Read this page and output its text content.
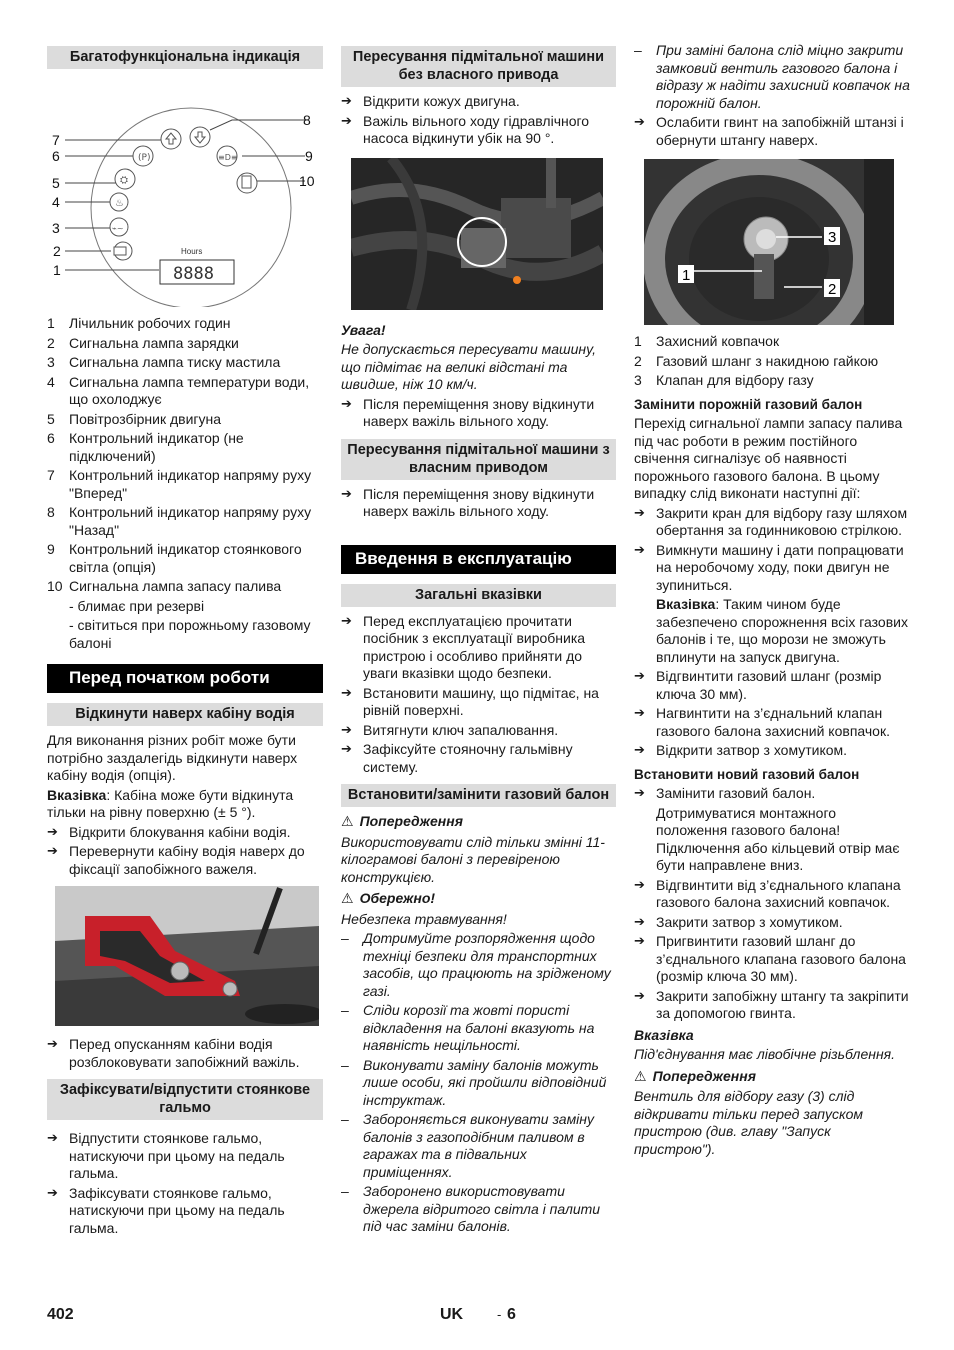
Багатофункціональна індикація
(P)	≡D≡
⛭
♨
⌁~
Hours
8888
1
2
3
4
5
6
7
8
9
10
1 Лічильник робочих годин
2 Сигнальна лампа зарядки
3 Сигнальна лампа тиску мастила
4 Сигнальна лампа температури води, що охолоджує
5 Повітрозбірник двигуна
6 Контрольний індикатор (не підключений)
7 Контрольний індикатор напряму руху "Вперед"
8 Контрольний індикатор напряму руху "Назад"
9 Контрольний індикатор стоянкового світла (опція)
10 Сигнальна лампа запасу палива

- блимає при резерві

- світиться при порожньому газовому балоні

Перед початком роботи
Відкинути наверх кабіну водія

Для виконання різних робіт може бути потрібно заздалегідь відкинути наверх кабіну водія (опція).

Вказівка: Кабіна може бути відкинута тільки на рівну поверхню (± 5 °).

➔ Відкрити блокування кабіни водія.

➔ Перевернути кабіну водія наверх до фіксації запобіжного важеля.

➔ Перед опусканням кабіни водія розблоковувати запобіжний важіль.

Зафіксувати/відпустити стоянкове гальмо

➔ Відпустити стоянкове гальмо, натискуючи при цьому на педаль гальма.

➔ Зафіксувати стоянкове гальмо, натискуючи при цьому на педаль гальма.

Пересування підмітальної машини без власного привода

➔ Відкрити кожух двигуна.

➔ Важіль вільного ходу гідравлічного насоса відкинути убік на 90 °.

Увага!

Не допускається пересувати машину, що підмітає на великі відстані та швидше, ніж 10 км/ч.

➔ Після переміщення знову відкинути наверх важіль вільного ходу.

Пересування підмітальної машини з власним приводом

➔ Після переміщення знову відкинути наверх важіль вільного ходу.

Введення в експлуатацію
Загальні вказівки

➔ Перед експлуатацією прочитати посібник з експлуатації виробника пристрою і особливо прийняти до уваги вказівки щодо безпеки.

➔ Встановити машину, що підмітає, на рівній поверхні.

➔ Витягнути ключ запалювання.

➔ Зафіксуйте стояночну гальмівну систему.

Встановити/замінити газовий балон

⚠ Попередження

Використовувати слід тільки змінні 11-кілограмові балоні з перевіреною конструкцією.

⚠ Обережно!

Небезпека травмування!

– Дотримуйте розпорядження щодо техніці безпеки для транспортних засобів, що працюють на зрідженому газі.

– Сліди корозії та жовті пористі відкладення на балоні вказують на наявність нещільності.

– Виконувати заміну балонів можуть лише особи, які пройшли відповідний інструктаж.

– Забороняється виконувати заміну балонів з газоподібним паливом в гаражах та в підвальних приміщеннях.

– Заборонено використовувати джерела відритого світла і палити під час заміни балонів.

– При заміні балона слід міцно закрити замковий вентиль газового балона і відразу ж надіти захисний ковпачок на порожній балон.

➔ Ослабити гвинт на запобіжній штанзі і обернути штангу наверх.

1
2
3
1 Захисний ковпачок
2 Газовий шланг з накидною гайкою
3 Клапан для відбору газу

Замінити порожній газовий балон

Перехід сигнальної лампи запасу палива під час роботи в режим постійного свічення сигналізує об наявності порожнього газового балона. В цьому випадку слід виконати наступні дії:

➔ Закрити кран для відбору газу шляхом обертання за годинниковою стрілкою.

➔ Вимкнути машину і дати попрацювати на неробочому ходу, поки двигун не зупиниться.

Вказівка: Таким чином буде забезпечено спорожнення всіх газових балонів і те, що морози не зможуть вплинути на запуск двигуна.

➔ Відгвинтити газовий шланг (розмір ключа 30 мм).

➔ Нагвинтити на з’єднальний клапан газового балона захисний ковпачок.

➔ Відкрити затвор з хомутиком.

Встановити новий газовий балон

➔ Замінити газовий балон.

Дотримуватися монтажного положення газового балона! Підключення або кільцевий отвір має бути направлене вниз.

➔ Відгвинтити від з’єднального клапана газового балона захисний ковпачок.

➔ Закрити затвор з хомутиком.

➔ Пригвинтити газовий шланг до з’єднального клапана газового балона (розмір ключа 30 мм).

➔ Закрити запобіжну штангу та закріпити за допомогою гвинта.

Вказівка

Під'єднування має лівобічне різьблення.

⚠ Попередження

Вентиль для відбору газу (3) слід відкривати тільки перед запуском пристрою (див. главу "Запуск пристрою").

402	UK	- 6
